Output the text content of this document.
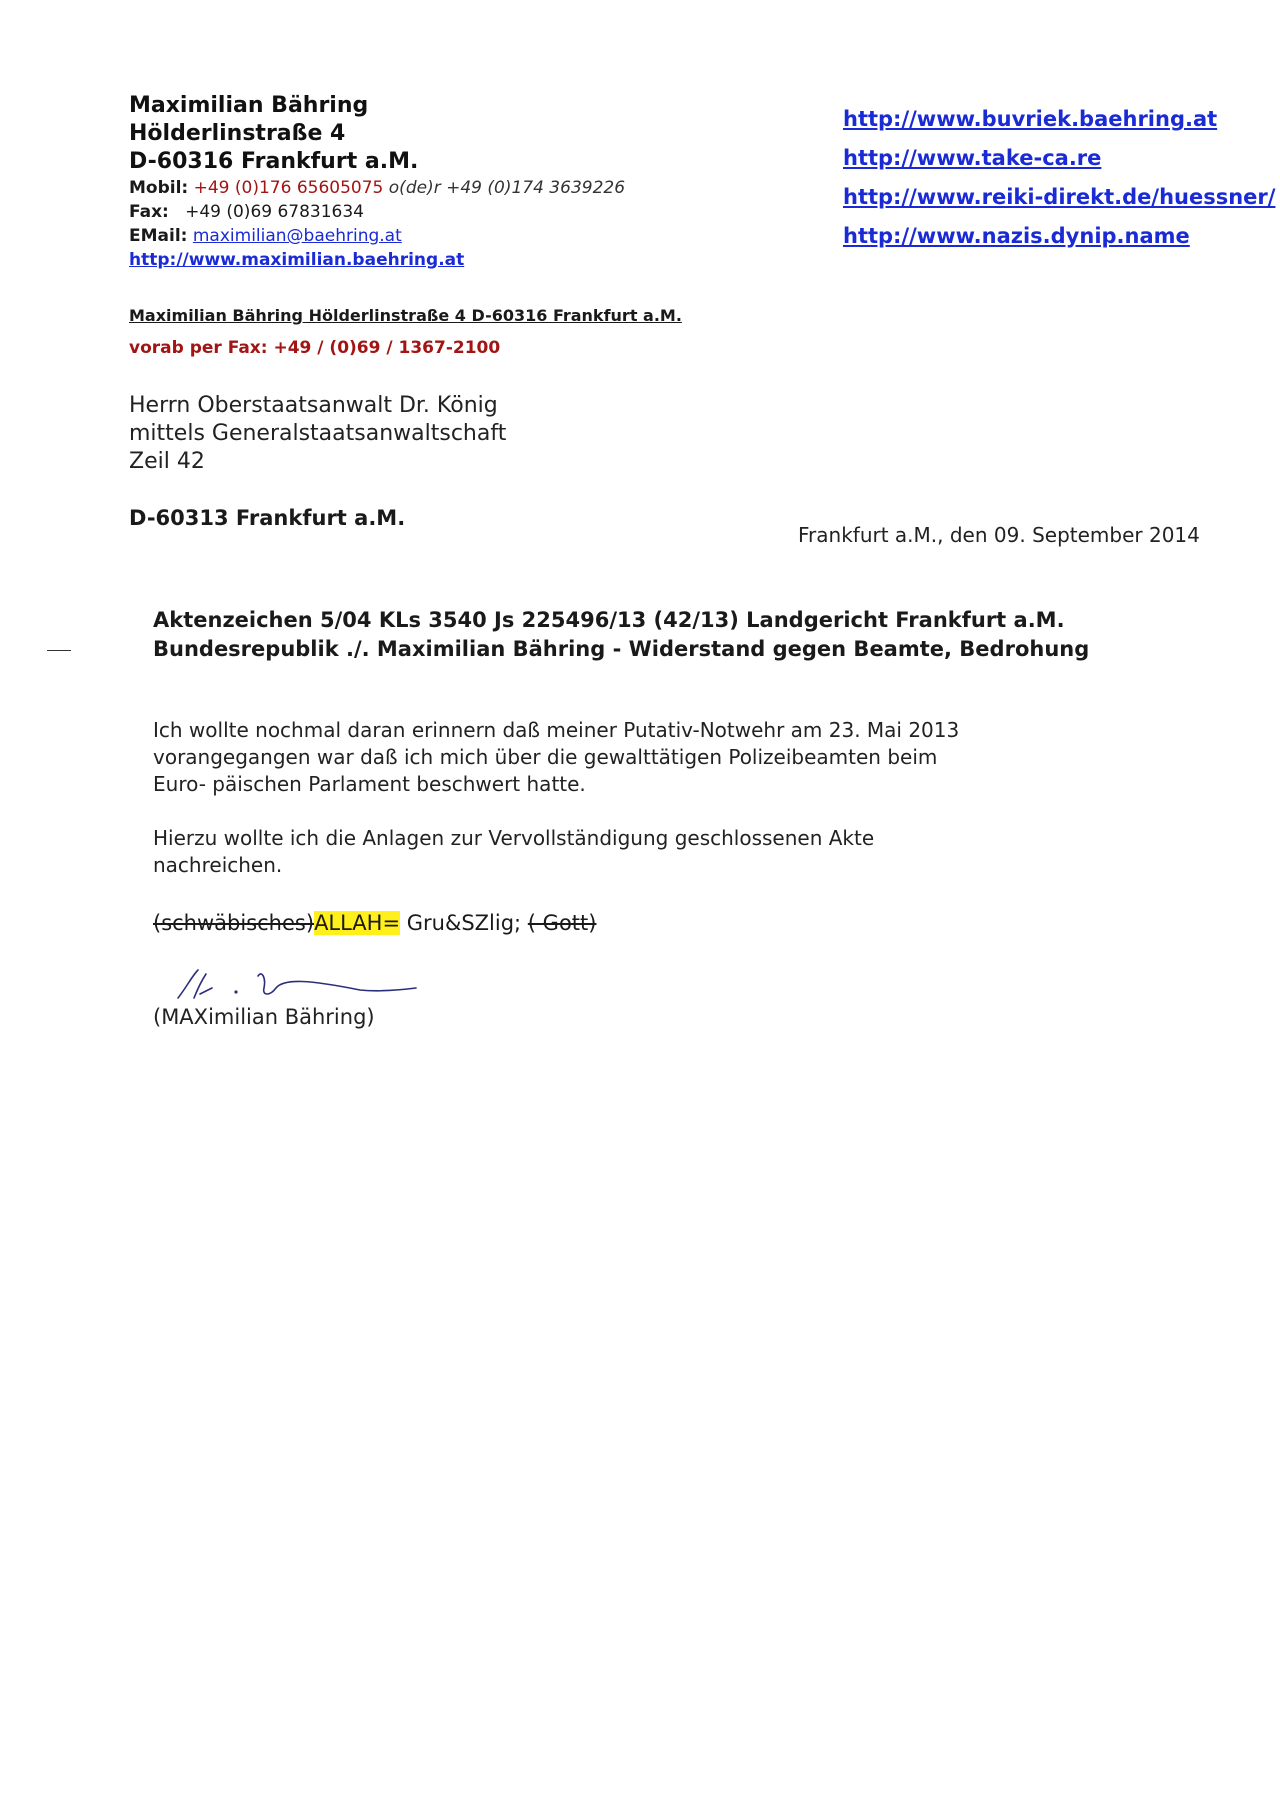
Maximilian Bähring
Hölderlinstraße 4
D-60316 Frankfurt a.M.
Mobil: +49 (0)176 65605075 o(de)r +49 (0)174 3639226
Fax: +49 (0)69 67831634
EMail: maximilian@baehring.at
http://www.maximilian.baehring.at
http://www.buvriek.baehring.at
http://www.take-ca.re
http://www.reiki-direkt.de/huessner/
http://www.nazis.dynip.name
Maximilian Bähring Hölderlinstraße 4 D-60316 Frankfurt a.M.
vorab per Fax: +49 / (0)69 / 1367-2100
Herrn Oberstaatsanwalt Dr. König
mittels Generalstaatsanwaltschaft
Zeil 42
D-60313 Frankfurt a.M.
Frankfurt a.M., den 09. September 2014
Aktenzeichen 5/04 KLs 3540 Js 225496/13 (42/13) Landgericht Frankfurt a.M.
Bundesrepublik ./. Maximilian Bähring - Widerstand gegen Beamte, Bedrohung

Ich wollte nochmal daran erinnern daß meiner Putativ-Notwehr am 23. Mai 2013 vorangegangen war daß ich mich über die gewalttätigen Polizeibeamten beim Euro- päischen Parlament beschwert hatte.

Hierzu wollte ich die Anlagen zur Vervollständigung geschlossenen Akte nachreichen.

(schwäbisches)ALLAH= Gru&SZlig; ( Gott)
(MAXimilian Bähring)
